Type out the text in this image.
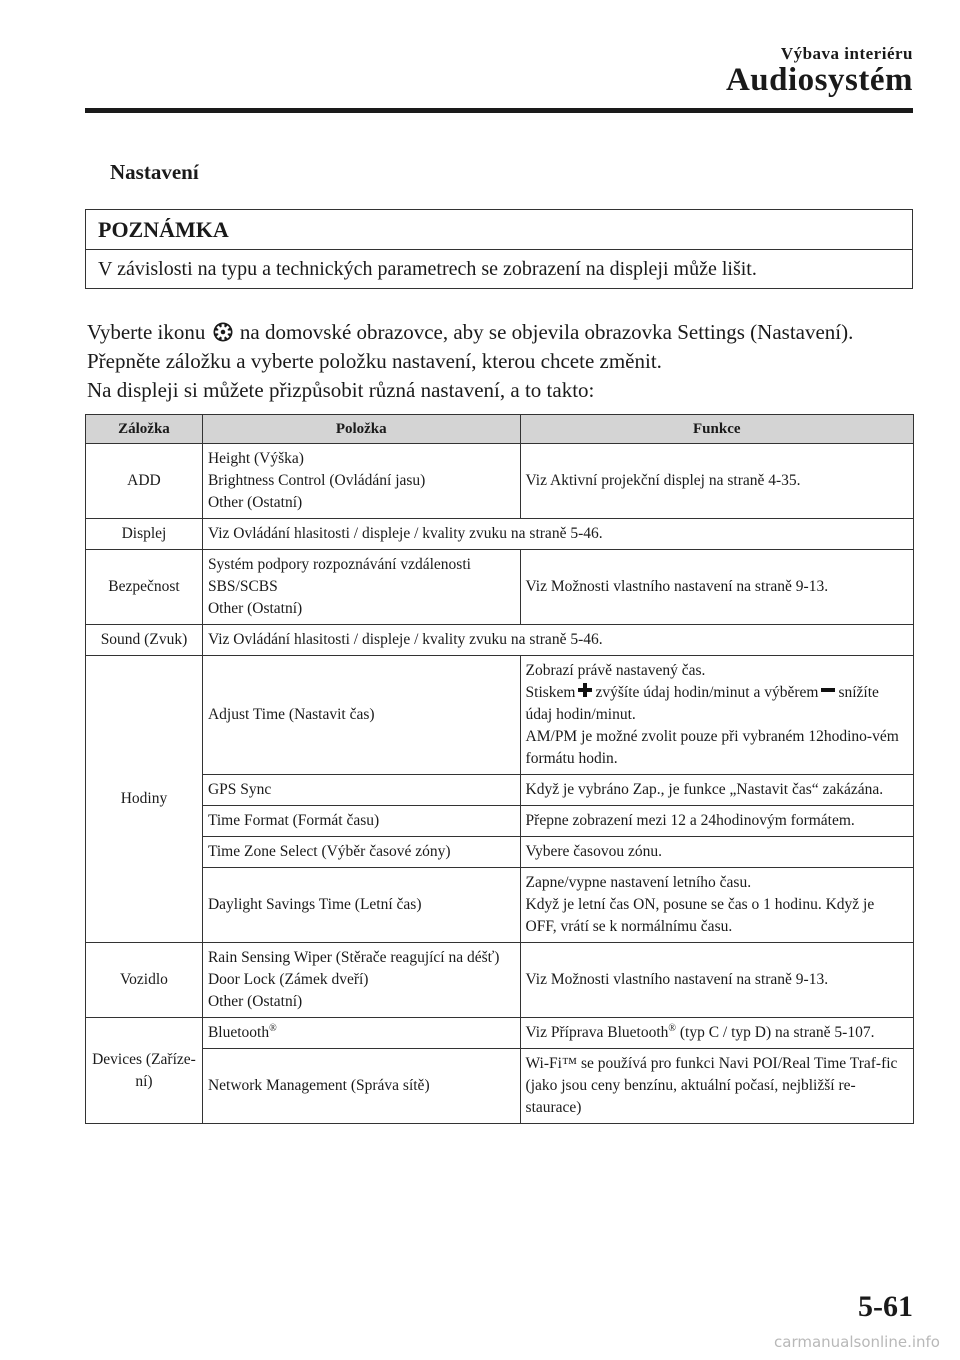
Výbava interiéru
Audiosystém
Nastavení
POZNÁMKA
V závislosti na typu a technických parametrech se zobrazení na displeji může lišit.

Vyberte ikonu na domovské obrazovce, aby se objevila obrazovka Settings (Nastavení).

Přepněte záložku a vyberte položku nastavení, kterou chcete změnit.

Na displeji si můžete přizpůsobit různá nastavení, a to takto:

Záložka	Položka	Funkce
ADD	Height (Výška)
Brightness Control (Ovládání jasu)
Other (Ostatní)	Viz Aktivní projekční displej na straně 4-35.
Displej	Viz Ovládání hlasitosti / displeje / kvality zvuku na straně 5-46.	
Bezpečnost	Systém podpory rozpoznávání vzdálenosti
SBS/SCBS
Other (Ostatní)	Viz Možnosti vlastního nastavení na straně 9-13.
Sound (Zvuk)	Viz Ovládání hlasitosti / displeje / kvality zvuku na straně 5-46.	
Hodiny	Adjust Time (Nastavit čas)	Zobrazí právě nastavený čas.
Stiskem zvýšíte údaj hodin/minut a výběrem snížíte údaj hodin/minut.
AM/PM je možné zvolit pouze při vybraném 12hodino-vém formátu hodin.

	GPS Sync	Když je vybráno Zap., je funkce „Nastavit čas“ zakázána.
	Time Format (Formát času)	Přepne zobrazení mezi 12 a 24hodinovým formátem.
	Time Zone Select (Výběr časové zóny)	Vybere časovou zónu.
	Daylight Savings Time (Letní čas)	Zapne/vypne nastavení letního času.
Když je letní čas ON, posune se čas o 1 hodinu. Když je OFF, vrátí se k normálnímu času.

Vozidlo	Rain Sensing Wiper (Stěrače reagující na déšť)
Door Lock (Zámek dveří)
Other (Ostatní)	Viz Možnosti vlastního nastavení na straně 9-13.
Devices (Zaříze-ní)	Bluetooth®	Viz Příprava Bluetooth® (typ C / typ D) na straně 5-107.
	Network Management (Správa sítě)	Wi-Fi™ se používá pro funkci Navi POI/Real Time Traf-fic (jako jsou ceny benzínu, aktuální počasí, nejbližší re-staurace)
5-61
carmanualsonline.info
